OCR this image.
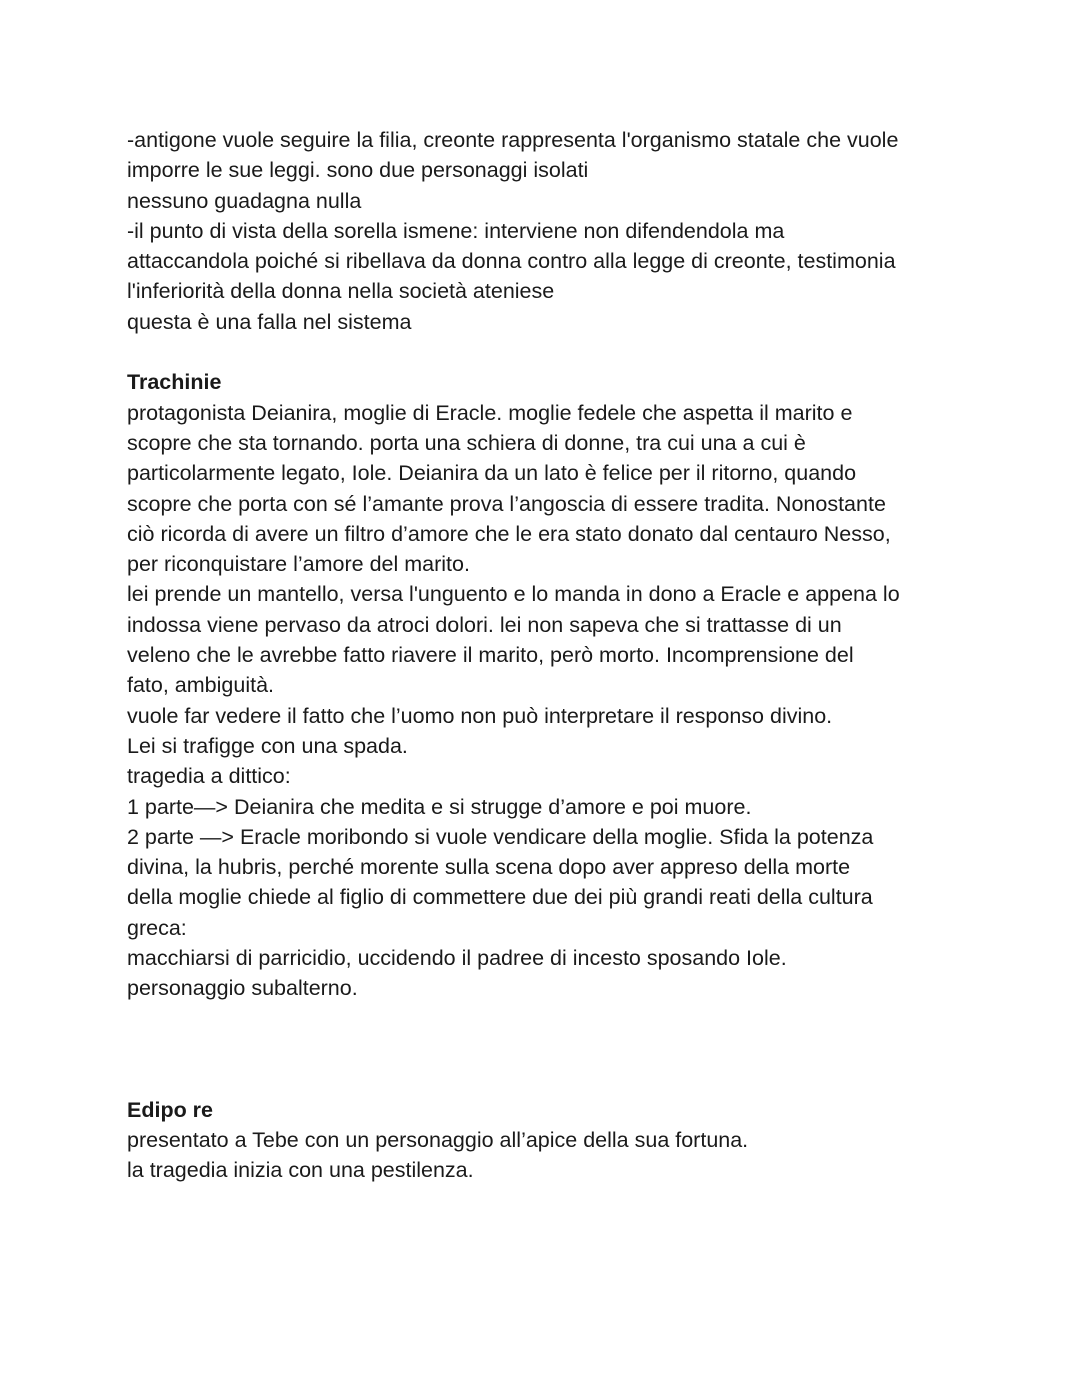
-antigone vuole seguire la filia, creonte rappresenta l'organismo statale che vuole
imporre le sue leggi. sono due personaggi isolati
nessuno guadagna nulla
-il punto di vista della sorella ismene: interviene non difendendola ma
attaccandola poiché si ribellava da donna contro alla legge di creonte, testimonia
l'inferiorità della donna nella società ateniese
questa è una falla nel sistema
Trachinie
protagonista Deianira, moglie di Eracle. moglie fedele che aspetta il marito e
scopre che sta tornando. porta una schiera di donne, tra cui una a cui è
particolarmente legato, Iole. Deianira da un lato è felice per il ritorno, quando
scopre che porta con sé l’amante prova l’angoscia di essere tradita. Nonostante
ciò ricorda di avere un filtro d’amore che le era stato donato dal centauro Nesso,
per riconquistare l’amore del marito.
lei prende un mantello, versa l'unguento e lo manda in dono a Eracle e appena lo
indossa viene pervaso da atroci dolori. lei non sapeva che si trattasse di un
veleno che le avrebbe fatto riavere il marito, però morto. Incomprensione del
fato, ambiguità.
vuole far vedere il fatto che l’uomo non può interpretare il responso divino.
Lei si trafigge con una spada.
tragedia a dittico:
1 parte—> Deianira che medita e si strugge d’amore e poi muore.
2 parte —> Eracle moribondo si vuole vendicare della moglie. Sfida la potenza
divina, la hubris, perché morente sulla scena dopo aver appreso della morte
della moglie chiede al figlio di commettere due dei più grandi reati della cultura
greca:
macchiarsi di parricidio, uccidendo il padree di incesto sposando Iole.
personaggio subalterno.
Edipo re
presentato a Tebe con un personaggio all’apice della sua fortuna.
la tragedia inizia con una pestilenza.
